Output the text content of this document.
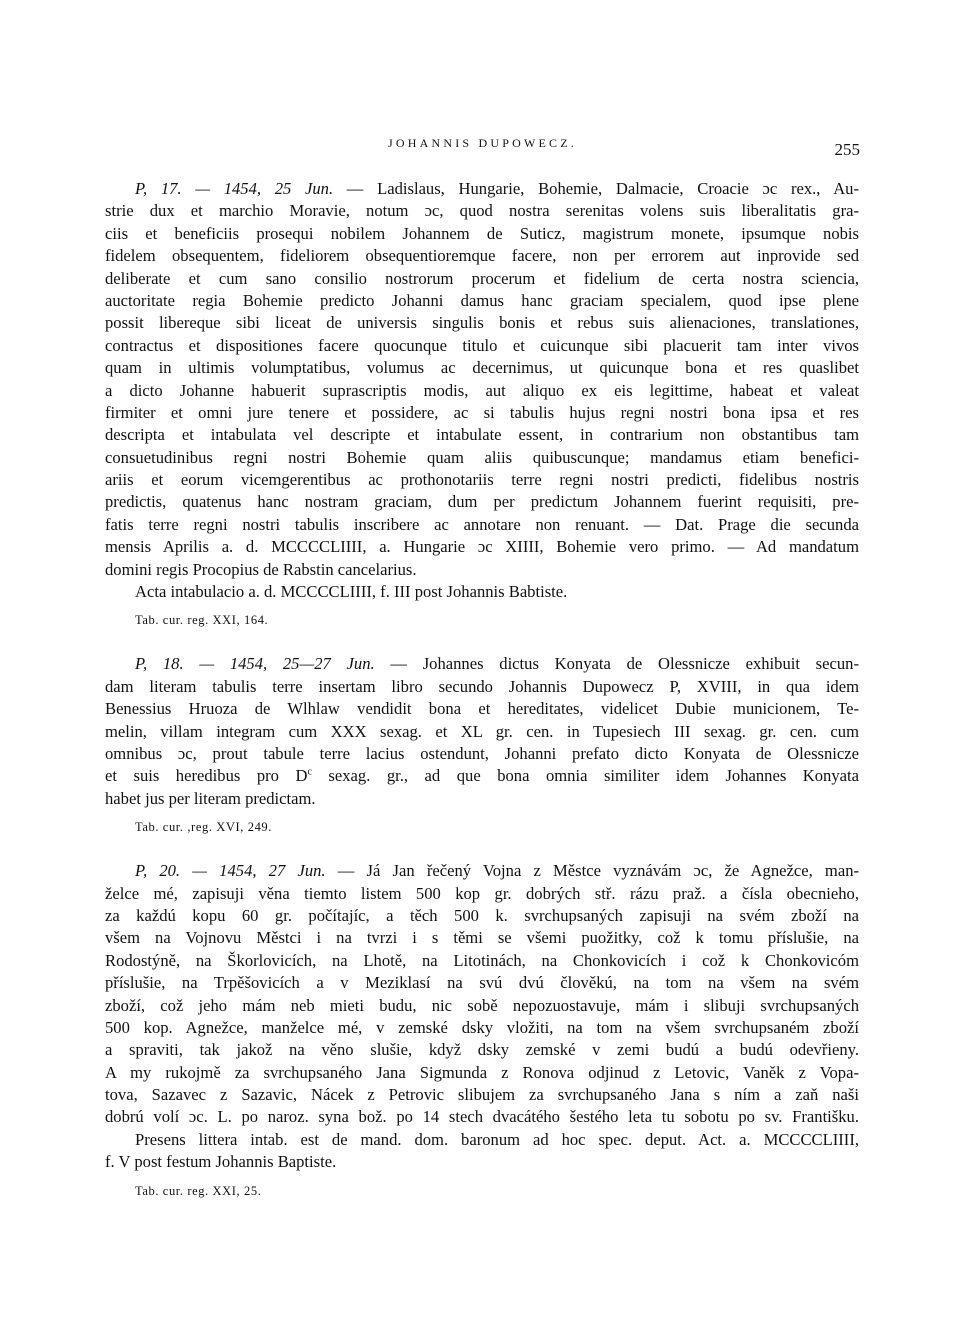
JOHANNIS DUPOWECZ.	255
P, 17. — 1454, 25 Jun. — Ladislaus, Hungarie, Bohemie, Dalmacie, Croacie ɔc rex., Au-
strie dux et marchio Moravie, notum ɔc, quod nostra serenitas volens suis liberalitatis gra-
ciis et beneficiis prosequi nobilem Johannem de Suticz, magistrum monete, ipsumque nobis
fidelem obsequentem, fideliorem obsequentioremque facere, non per errorem aut inprovide sed
deliberate et cum sano consilio nostrorum procerum et fidelium de certa nostra sciencia,
auctoritate regia Bohemie predicto Johanni damus hanc graciam specialem, quod ipse plene
possit libereque sibi liceat de universis singulis bonis et rebus suis alienaciones, translationes,
contractus et dispositiones facere quocunque titulo et cuicunque sibi placuerit tam inter vivos
quam in ultimis volumptatibus, volumus ac decernimus, ut quicunque bona et res quaslibet
a dicto Johanne habuerit suprascriptis modis, aut aliquo ex eis legittime, habeat et valeat
firmiter et omni jure tenere et possidere, ac si tabulis hujus regni nostri bona ipsa et res
descripta et intabulata vel descripte et intabulate essent, in contrarium non obstantibus tam
consuetudinibus regni nostri Bohemie quam aliis quibuscunque; mandamus etiam benefici-
ariis et eorum vicemgerentibus ac prothonotariis terre regni nostri predicti, fidelibus nostris
predictis, quatenus hanc nostram graciam, dum per predictum Johannem fuerint requisiti, pre-
fatis terre regni nostri tabulis inscribere ac annotare non renuant. — Dat. Prage die secunda
mensis Aprilis a. d. MCCCCLIIII, a. Hungarie ɔc XIIII, Bohemie vero primo. — Ad mandatum
domini regis Procopius de Rabstin cancelarius.
Acta intabulacio a. d. MCCCCLIIII, f. III post Johannis Babtiste.
Tab. cur. reg. XXI, 164.
P, 18. — 1454, 25—27 Jun. — Johannes dictus Konyata de Olessnicze exhibuit secun-
dam literam tabulis terre insertam libro secundo Johannis Dupowecz P, XVIII, in qua idem
Benessius Hruoza de Wlhlaw vendidit bona et hereditates, videlicet Dubie municionem, Te-
melin, villam integram cum XXX sexag. et XL gr. cen. in Tupesiech III sexag. gr. cen. cum
omnibus ɔc, prout tabule terre lacius ostendunt, Johanni prefato dicto Konyata de Olessnicze
et suis heredibus pro $D^c$ sexag. gr., ad que bona omnia similiter idem Johannes Konyata
habet jus per literam predictam.
Tab. cur. ,reg. XVI, 249.
P, 20. — 1454, 27 Jun. — Já Jan řečený Vojna z Městce vyznávám ɔc, že Agnežce, man-
želce mé, zapisuji věna tiemto listem 500 kop gr. dobrých stř. rázu praž. a čísla obecnieho,
za každú kopu 60 gr. počítajíc, a těch 500 k. svrchupsaných zapisuji na svém zboží na
všem na Vojnovu Městci i na tvrzi i s těmi se všemi puožitky, což k tomu příslušie, na
Rodostýně, na Škorlovicích, na Lhotě, na Litotinách, na Chonkovicích i což k Chonkovicóm
příslušie, na Trpěšovicích a v Meziklasí na svú dvú člověkú, na tom na všem na svém
zboží, což jeho mám neb mieti budu, nic sobě nepozuostavuje, mám i slibuji svrchupsaných
500 kop. Agnežce, manželce mé, v zemské dsky vložiti, na tom na všem svrchupsaném zboží
a spraviti, tak jakož na věno slušie, když dsky zemské v zemi budú a budú odevřieny.
A my rukojmě za svrchupsaného Jana Sigmunda z Ronova odjinud z Letovic, Vaněk z Vopa-
tova, Sazavec z Sazavic, Nácek z Petrovic slibujem za svrchupsaného Jana s ním a zaň naši
dobrú volí ɔc. L. po naroz. syna bož. po 14 stech dvacátého šestého leta tu sobotu po sv. Františku.
Presens littera intab. est de mand. dom. baronum ad hoc spec. deput. Act. a. MCCCCLIIII,
f. V post festum Johannis Baptiste.
Tab. cur. reg. XXI, 25.
